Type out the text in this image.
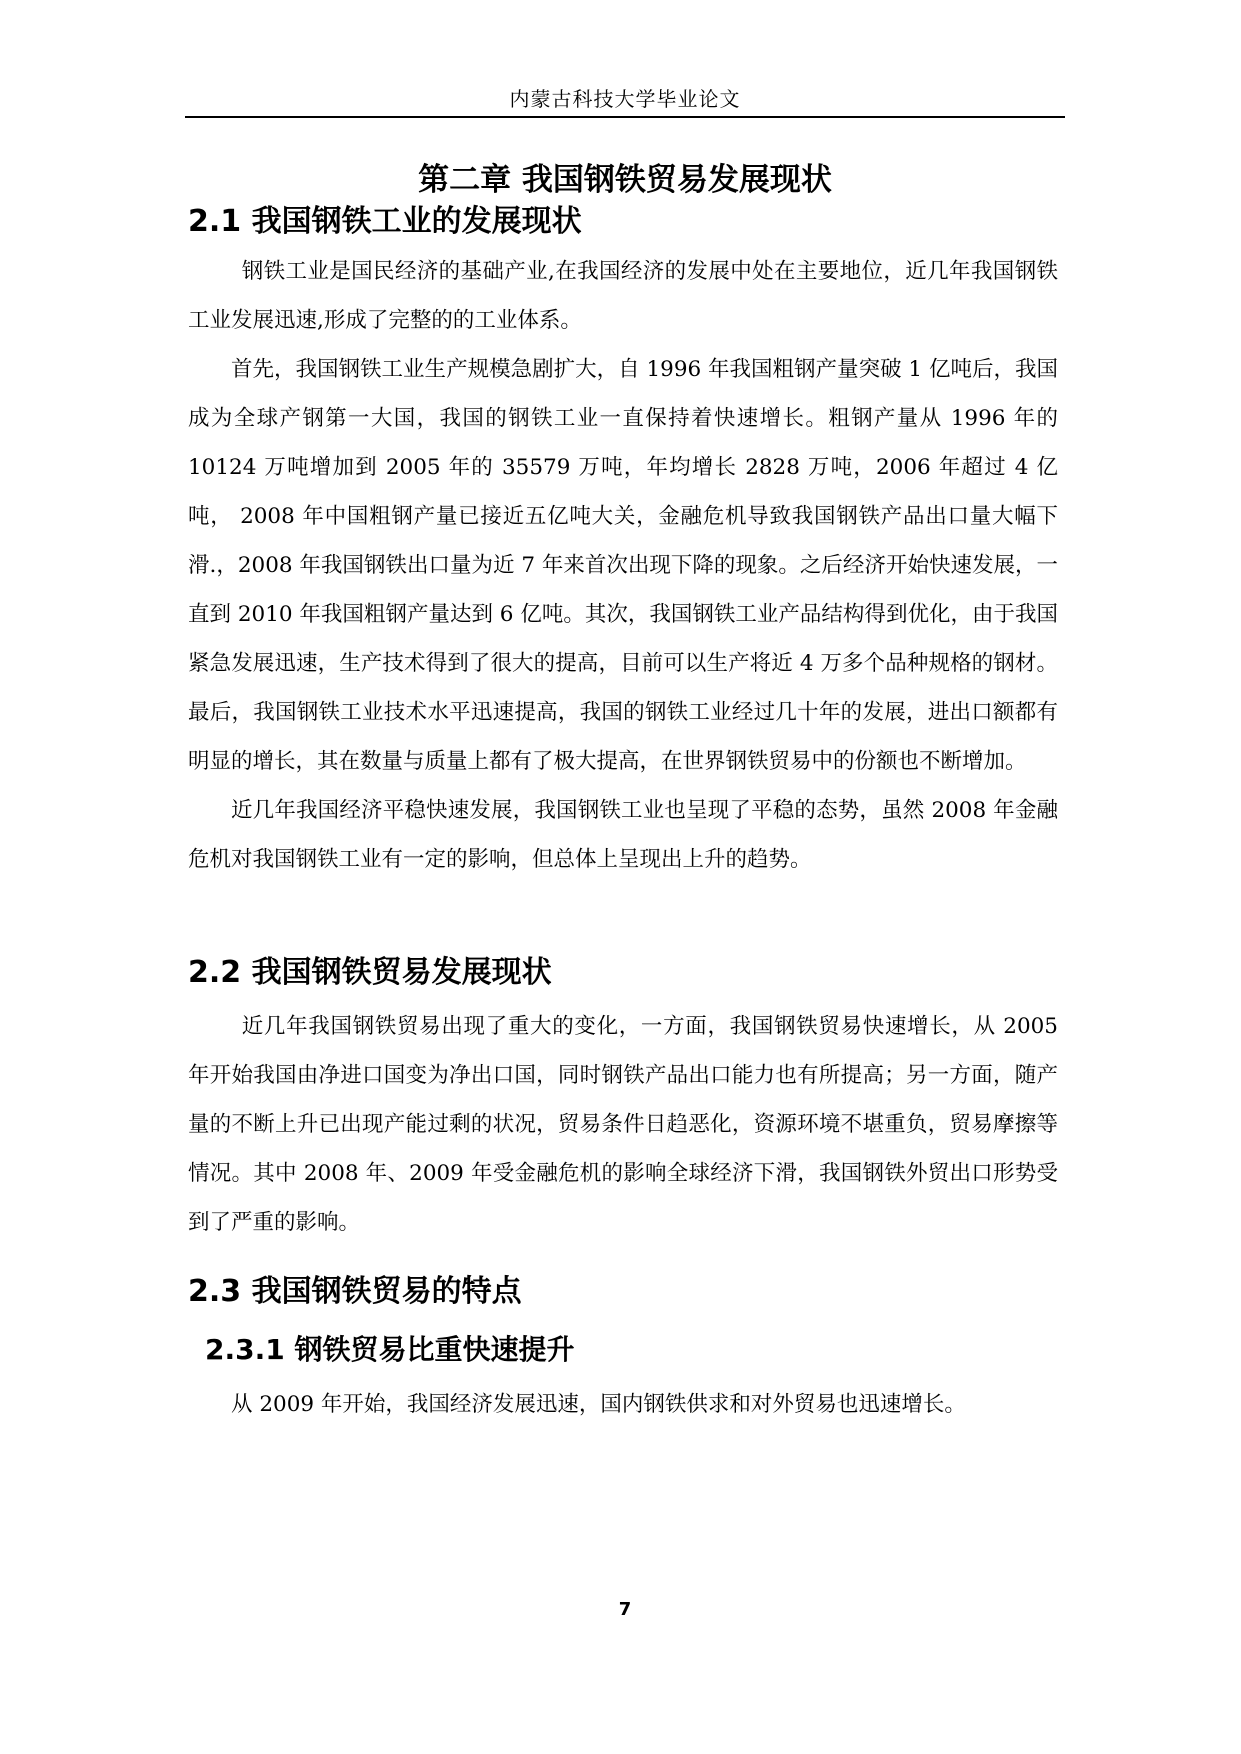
内蒙古科技大学毕业论文
第二章 我国钢铁贸易发展现状
2.1 我国钢铁工业的发展现状

钢铁工业是国民经济的基础产业,在我国经济的发展中处在主要地位，近几年我国钢铁工业发展迅速,形成了完整的的工业体系。

首先，我国钢铁工业生产规模急剧扩大，自 1996 年我国粗钢产量突破 1 亿吨后，我国成为全球产钢第一大国，我国的钢铁工业一直保持着快速增长。粗钢产量从 1996 年的 10124 万吨增加到 2005 年的 35579 万吨，年均增长 2828 万吨，2006 年超过 4 亿吨， 2008 年中国粗钢产量已接近五亿吨大关，金融危机导致我国钢铁产品出口量大幅下滑.，2008 年我国钢铁出口量为近 7 年来首次出现下降的现象。之后经济开始快速发展，一直到 2010 年我国粗钢产量达到 6 亿吨。其次，我国钢铁工业产品结构得到优化，由于我国紧急发展迅速，生产技术得到了很大的提高，目前可以生产将近 4 万多个品种规格的钢材。最后，我国钢铁工业技术水平迅速提高，我国的钢铁工业经过几十年的发展，进出口额都有明显的增长，其在数量与质量上都有了极大提高，在世界钢铁贸易中的份额也不断增加。

近几年我国经济平稳快速发展，我国钢铁工业也呈现了平稳的态势，虽然 2008 年金融危机对我国钢铁工业有一定的影响，但总体上呈现出上升的趋势。

2.2 我国钢铁贸易发展现状

近几年我国钢铁贸易出现了重大的变化，一方面，我国钢铁贸易快速增长，从 2005 年开始我国由净进口国变为净出口国，同时钢铁产品出口能力也有所提高；另一方面，随产量的不断上升已出现产能过剩的状况，贸易条件日趋恶化，资源环境不堪重负，贸易摩擦等情况。其中 2008 年、2009 年受金融危机的影响全球经济下滑，我国钢铁外贸出口形势受到了严重的影响。

2.3 我国钢铁贸易的特点
2.3.1 钢铁贸易比重快速提升

从 2009 年开始，我国经济发展迅速，国内钢铁供求和对外贸易也迅速增长。

7
